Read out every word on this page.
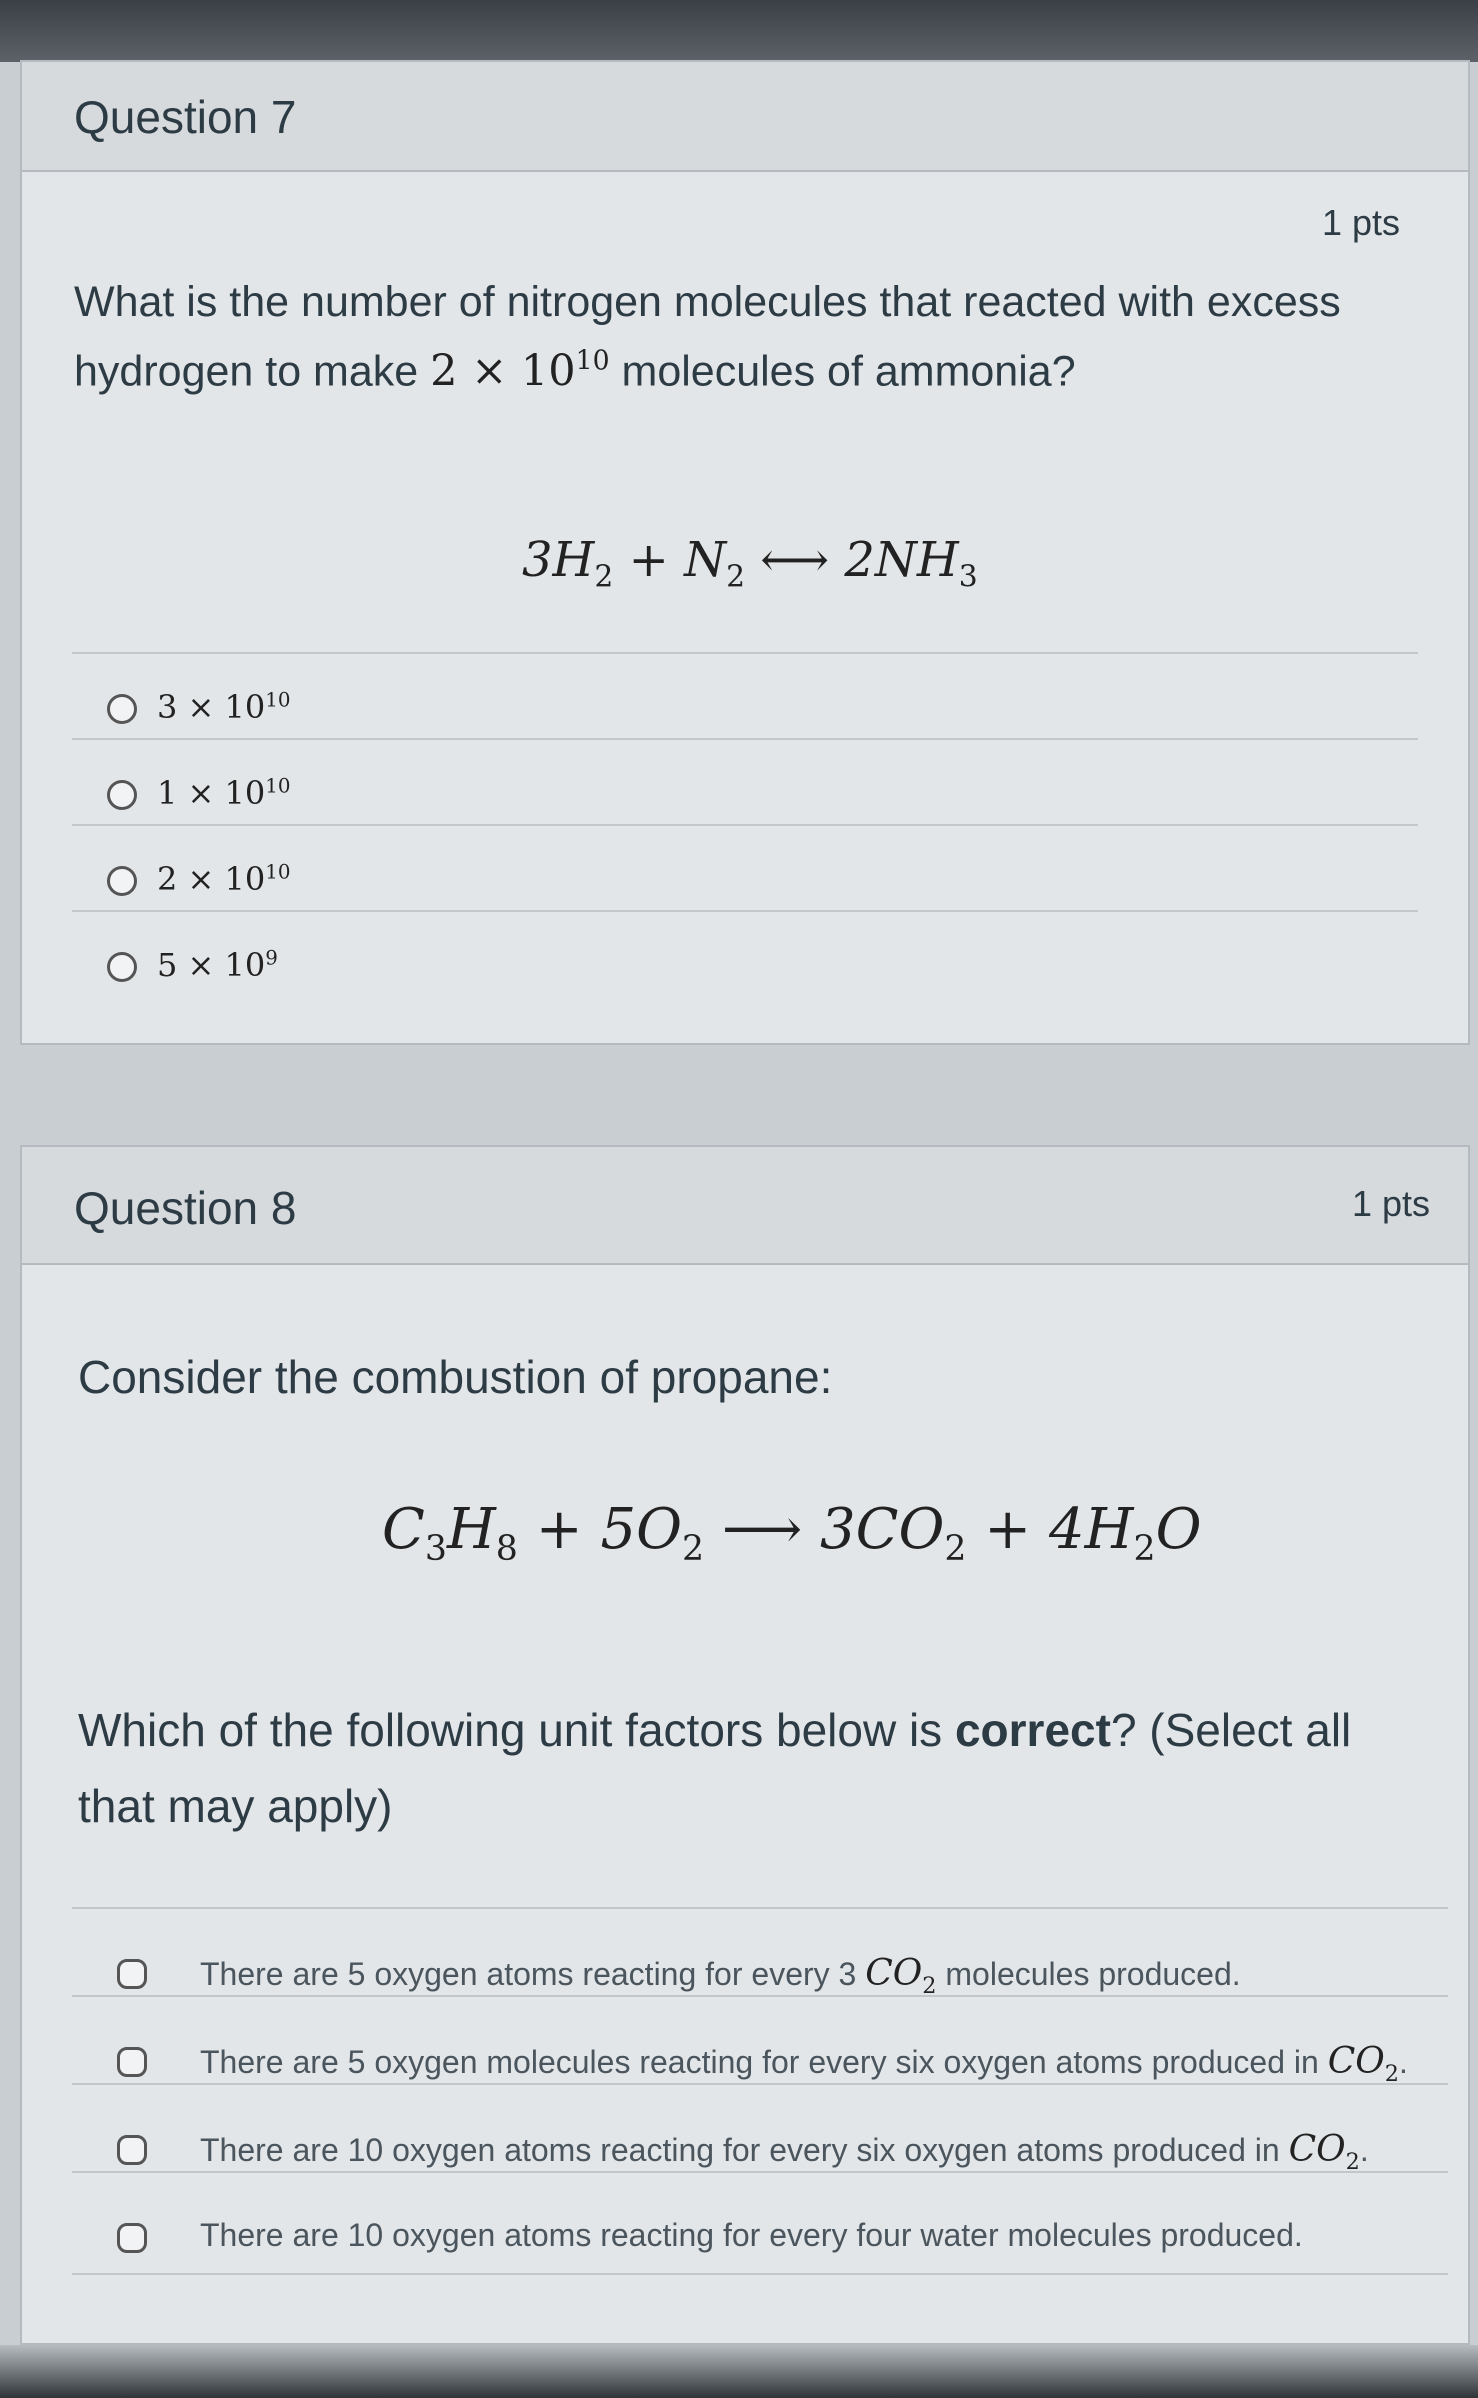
Question 7
1 pts
What is the number of nitrogen molecules that reacted with excess hydrogen to make $2 \times 10^{10}$ molecules of ammonia?
$3H_2 + N_2$ ⟷ $2NH_3$
$3 \times 10^{10}$
$1 \times 10^{10}$
$2 \times 10^{10}$
$5 \times 10^9$
Question 8	1 pts
Consider the combustion of propane:
$C_3H_8 + 5O_2$ ⟶ $3CO_2 + 4H_2O$
Which of the following unit factors below is correct? (Select all that may apply)
There are 5 oxygen atoms reacting for every 3 $CO_2$ molecules produced.
There are 5 oxygen molecules reacting for every six oxygen atoms produced in $CO_2$.
There are 10 oxygen atoms reacting for every six oxygen atoms produced in $CO_2$.
There are 10 oxygen atoms reacting for every four water molecules produced.
